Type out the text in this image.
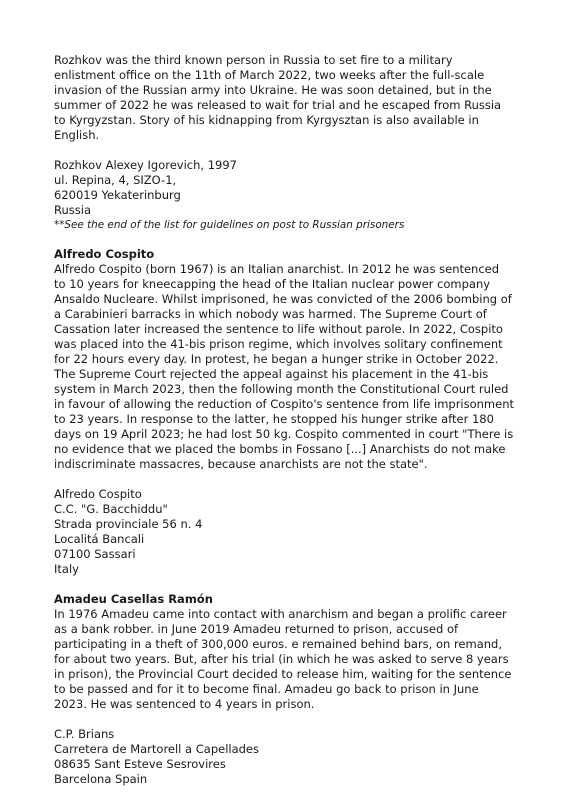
Rozhkov was the third known person in Russia to set fire to a military enlistment office on the 11th of March 2022, two weeks after the full-scale invasion of the Russian army into Ukraine. He was soon detained, but in the summer of 2022 he was released to wait for trial and he escaped from Russia to Kyrgyzstan. Story of his kidnapping from Kyrgysztan is also available in English.

Rozhkov Alexey Igorevich, 1997
ul. Repina, 4, SIZO-1,
620019 Yekaterinburg
Russia
**See the end of the list for guidelines on post to Russian prisoners
Alfredo Cospito

Alfredo Cospito (born 1967) is an Italian anarchist. In 2012 he was sentenced to 10 years for kneecapping the head of the Italian nuclear power company Ansaldo Nucleare. Whilst imprisoned, he was convicted of the 2006 bombing of a Carabinieri barracks in which nobody was harmed. The Supreme Court of Cassation later increased the sentence to life without parole. In 2022, Cospito was placed into the 41-bis prison regime, which involves solitary confinement for 22 hours every day. In protest, he began a hunger strike in October 2022. The Supreme Court rejected the appeal against his placement in the 41-bis system in March 2023, then the following month the Constitutional Court ruled in favour of allowing the reduction of Cospito's sentence from life imprisonment to 23 years. In response to the latter, he stopped his hunger strike after 180 days on 19 April 2023; he had lost 50 kg. Cospito commented in court "There is no evidence that we placed the bombs in Fossano [...] Anarchists do not make indiscriminate massacres, because anarchists are not the state".

Alfredo Cospito
C.C. "G. Bacchiddu"
Strada provinciale 56 n. 4
Localitá Bancali
07100 Sassari
Italy
Amadeu Casellas Ramón

In 1976 Amadeu came into contact with anarchism and began a prolific career as a bank robber. in June 2019 Amadeu returned to prison, accused of participating in a theft of 300,000 euros. e remained behind bars, on remand, for about two years. But, after his trial (in which he was asked to serve 8 years in prison), the Provincial Court decided to release him, waiting for the sentence to be passed and for it to become final. Amadeu go back to prison in June 2023. He was sentenced to 4 years in prison.

C.P. Brians
Carretera de Martorell a Capellades
08635 Sant Esteve Sesrovires
Barcelona Spain
